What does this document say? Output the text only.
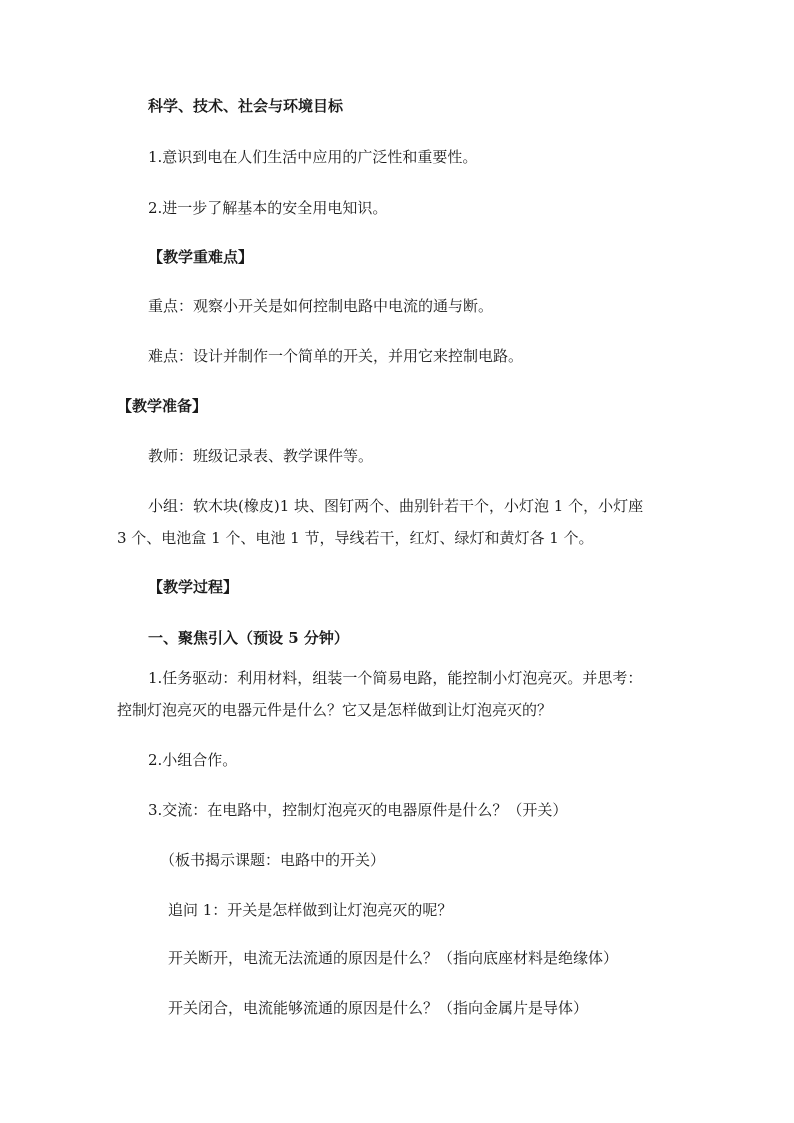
科学、技术、社会与环境目标
1.意识到电在人们生活中应用的广泛性和重要性。
2.进一步了解基本的安全用电知识。
【教学重难点】
重点：观察小开关是如何控制电路中电流的通与断。
难点：设计并制作一个简单的开关，并用它来控制电路。
【教学准备】
教师：班级记录表、教学课件等。
小组：软木块(橡皮)1 块、图钉两个、曲别针若干个，小灯泡 1 个，小灯座
3 个、电池盒 1 个、电池 1 节，导线若干，红灯、绿灯和黄灯各 1 个。
【教学过程】
一、聚焦引入（预设 5 分钟）
1.任务驱动：利用材料，组装一个简易电路，能控制小灯泡亮灭。并思考：
控制灯泡亮灭的电器元件是什么？它又是怎样做到让灯泡亮灭的？
2.小组合作。
3.交流：在电路中，控制灯泡亮灭的电器原件是什么？（开关）
（板书揭示课题：电路中的开关）
追问 1：开关是怎样做到让灯泡亮灭的呢？
开关断开，电流无法流通的原因是什么？（指向底座材料是绝缘体）
开关闭合，电流能够流通的原因是什么？（指向金属片是导体）
